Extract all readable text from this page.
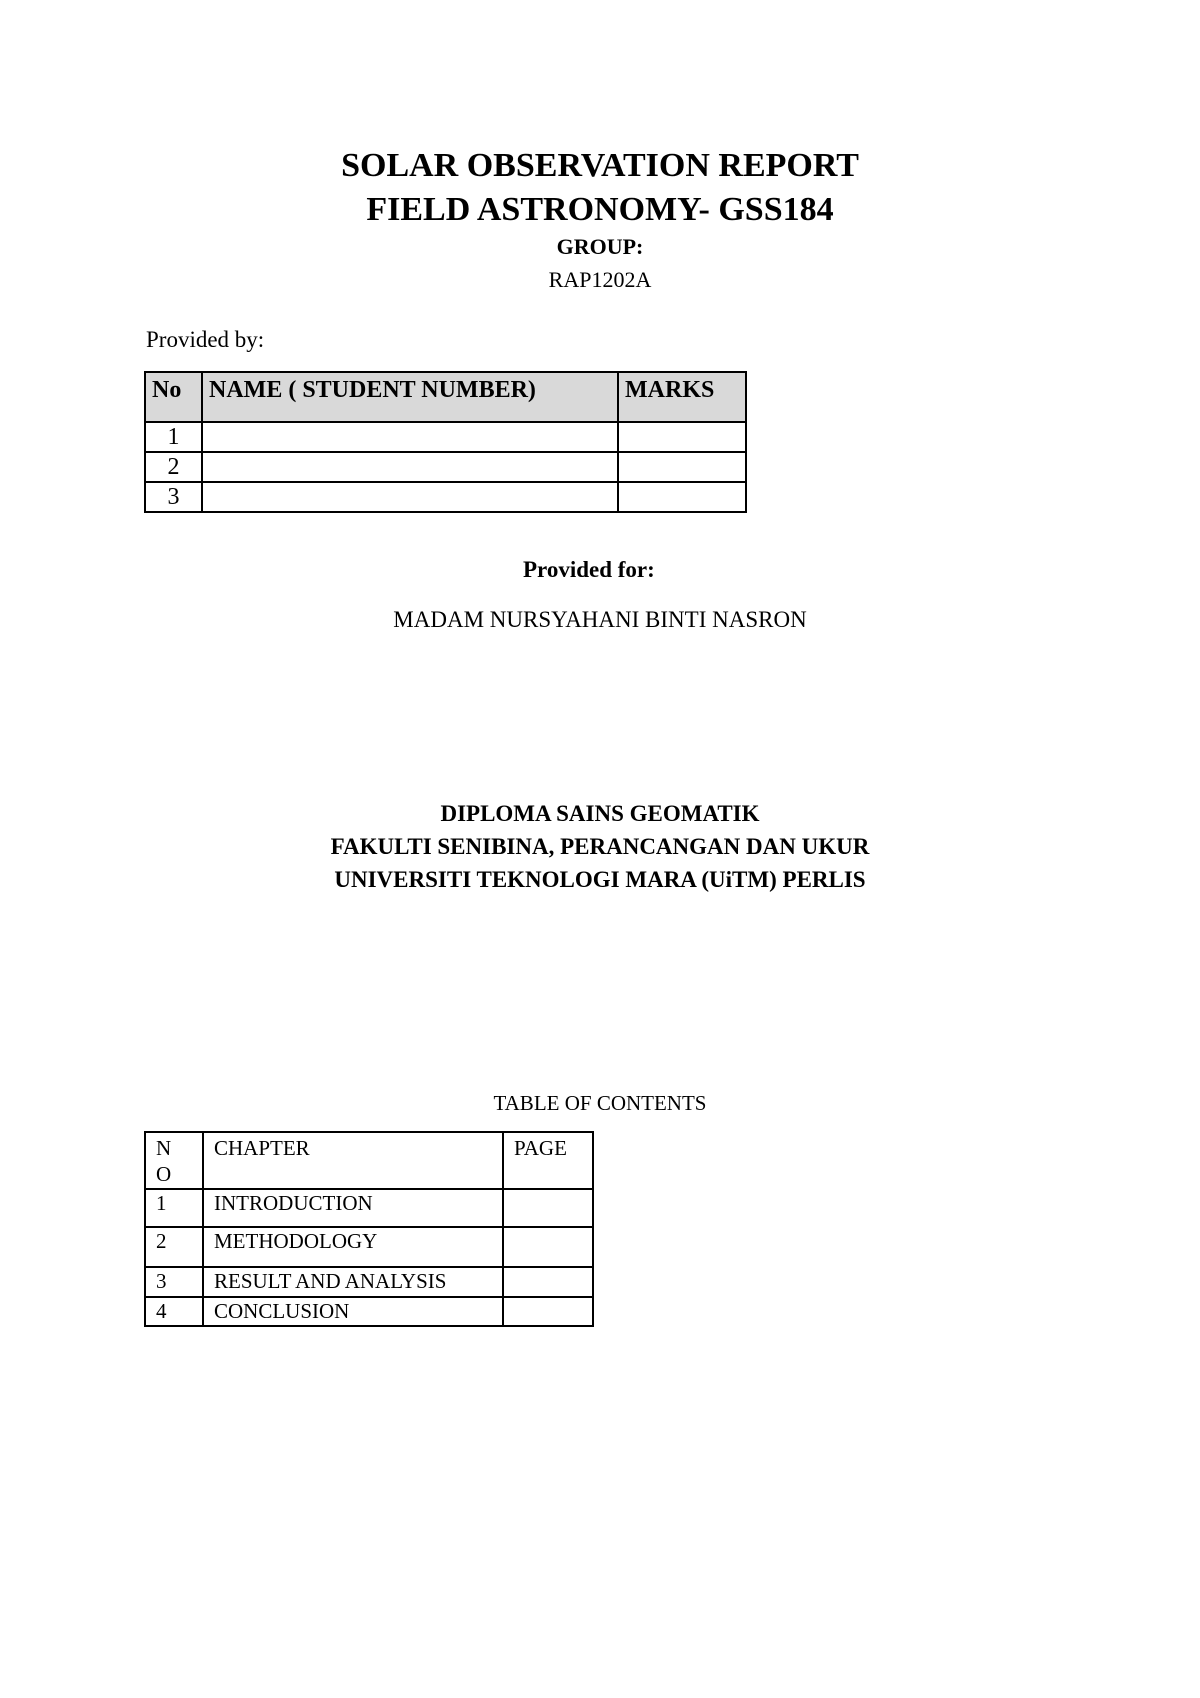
SOLAR OBSERVATION REPORT
FIELD ASTRONOMY- GSS184
GROUP:
RAP1202A
Provided by:
No	NAME ( STUDENT NUMBER)	MARKS
1		
2		
3		
Provided for:
MADAM NURSYAHANI BINTI NASRON
DIPLOMA SAINS GEOMATIK
FAKULTI SENIBINA, PERANCANGAN DAN UKUR
UNIVERSITI TEKNOLOGI MARA (UiTM) PERLIS
TABLE OF CONTENTS
N
O	CHAPTER	PAGE
1	INTRODUCTION	
2	METHODOLOGY	
3	RESULT AND ANALYSIS	
4	CONCLUSION	
